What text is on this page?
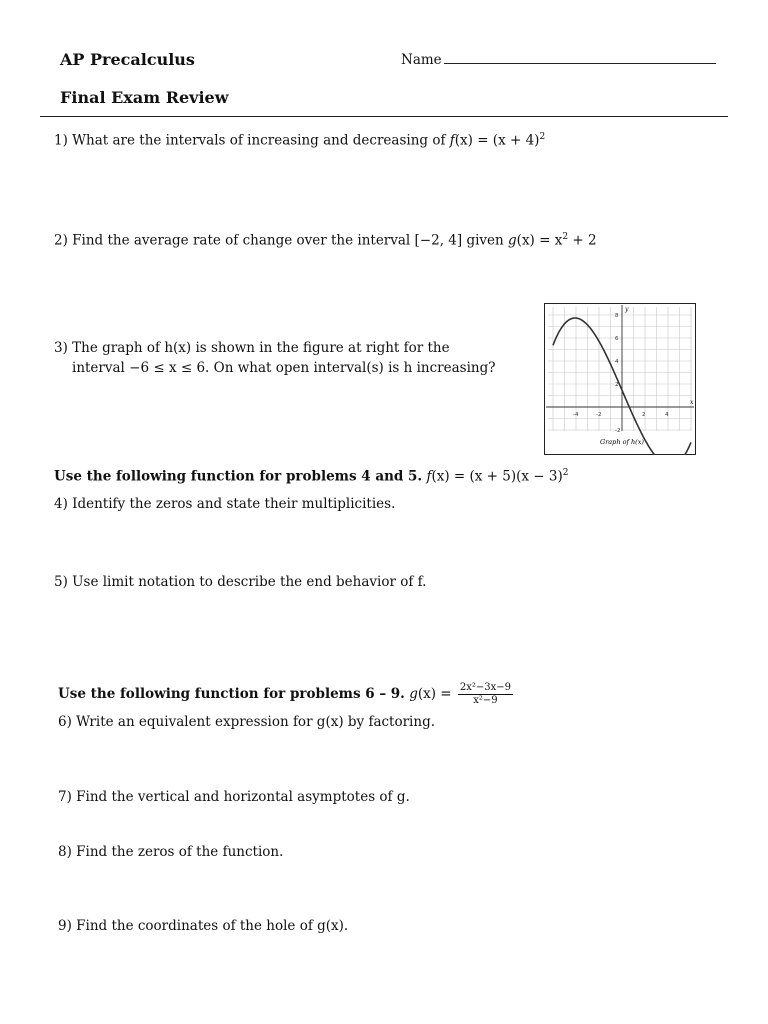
AP Precalculus	Name
Final Exam Review
1) What are the intervals of increasing and decreasing of $f(x) = (x + 4)^2$
2) Find the average rate of change over the interval [−2, 4] given $g(x) = x^2 + 2$
3) The graph of h(x) is shown in the figure at right for the
interval −6 ≤ x ≤ 6. On what open interval(s) is h increasing?
x
y
-4	-2	2	4
8
6
4
2
-2
Graph of h(x)
Use the following function for problems 4 and 5. $f(x) = (x + 5)(x - 3)^2$
4) Identify the zeros and state their multiplicities.
5) Use limit notation to describe the end behavior of f.
Use the following function for problems 6 – 9. $g(x) = \frac{\text{2x²−3x−9}}{\text{x²−9}}$
6) Write an equivalent expression for g(x) by factoring.
7) Find the vertical and horizontal asymptotes of g.
8) Find the zeros of the function.
9) Find the coordinates of the hole of g(x).
